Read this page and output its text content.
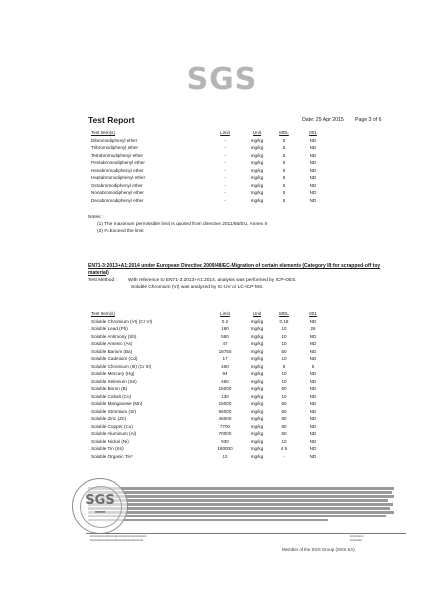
SGS
Test Report	Date: 29 Apr 2015 Page 3 of 6
Test Item(s)	Limit	Unit	MDL	001
Dibromodiphenyl ether	-	mg/kg	5	ND
Tribromodiphenyl ether	-	mg/kg	5	ND
Tetrabromodiphenyl ether	-	mg/kg	5	ND
Pentabromodiphenyl ether	-	mg/kg	5	ND
Hexabromodiphenyl ether	-	mg/kg	5	ND
Heptabromodiphenyl ether	-	mg/kg	5	ND
Octabromodiphenyl ether	-	mg/kg	5	ND
Nonabromodiphenyl ether	-	mg/kg	5	ND
Decabromodiphenyl ether	-	mg/kg	5	ND
Notes :
(1) The maximum permissible limit is quoted from directive 2011/65/EU, Annex II
(2) #=Exceed the limit
EN71-3:2013+A1:2014 under European Directive 2009/48/EC-Migration of certain elements (Category III:for scrapped-off toy material)
Test Method : With reference to EN71-3:2013+A1:2014, analysis was performed by ICP-OES.
Soluble Chromium (VI) was analyzed by IC-UV or LC-ICP-MS.
Test Item(s)	Limit	Unit	MDL	001
Soluble Chromium (VI) (Cr VI)	0.2	mg/kg	0.18	ND
Soluble Lead (Pb)	160	mg/kg	10	26
Soluble Antimony (Sb)	560	mg/kg	10	ND
Soluble Arsenic (As)	47	mg/kg	10	ND
Soluble Barium (Ba)	18750	mg/kg	50	ND
Soluble Cadmium (Cd)	17	mg/kg	10	ND
Soluble Chromium (III) (Cr III)	460	mg/kg	5	5
Soluble Mercury (Hg)	94	mg/kg	10	ND
Soluble Selenium (Se)	460	mg/kg	10	ND
Soluble Boron (B)	15000	mg/kg	50	ND
Soluble Cobalt (Co)	130	mg/kg	10	ND
Soluble Manganese (Mn)	15000	mg/kg	50	ND
Soluble Strontium (Sr)	56000	mg/kg	50	ND
Soluble Zinc (Zn)	46000	mg/kg	50	ND
Soluble Copper (Cu)	7700	mg/kg	50	ND
Soluble Aluminum (Al)	70000	mg/kg	50	ND
Soluble Nickel (Ni)	930	mg/kg	10	ND
Soluble Tin (Sn)	180000	mg/kg	4.9	ND
Soluble Organic Tin*	12	mg/kg	-	ND
SGS
■■■■■
▪▪▪▪▪▪▪▪▪▪▪▪▪▪▪▪▪▪▪▪▪▪▪▪▪▪▪▪▪▪▪▪▪▪▪▪▪▪▪▪▪▪▪▪▪▪▪▪▪▪
▪▪▪▪▪▪▪▪▪▪▪▪▪▪▪▪▪▪▪▪▪▪▪▪▪▪▪▪▪▪▪▪▪▪▪▪▪▪▪▪▪▪▪▪▪▪▪
▪▪▪▪▪▪▪▪▪▪▪▪
▪▪▪▪▪▪▪▪▪▪▪
Member of the SGS Group (SGS SA)
